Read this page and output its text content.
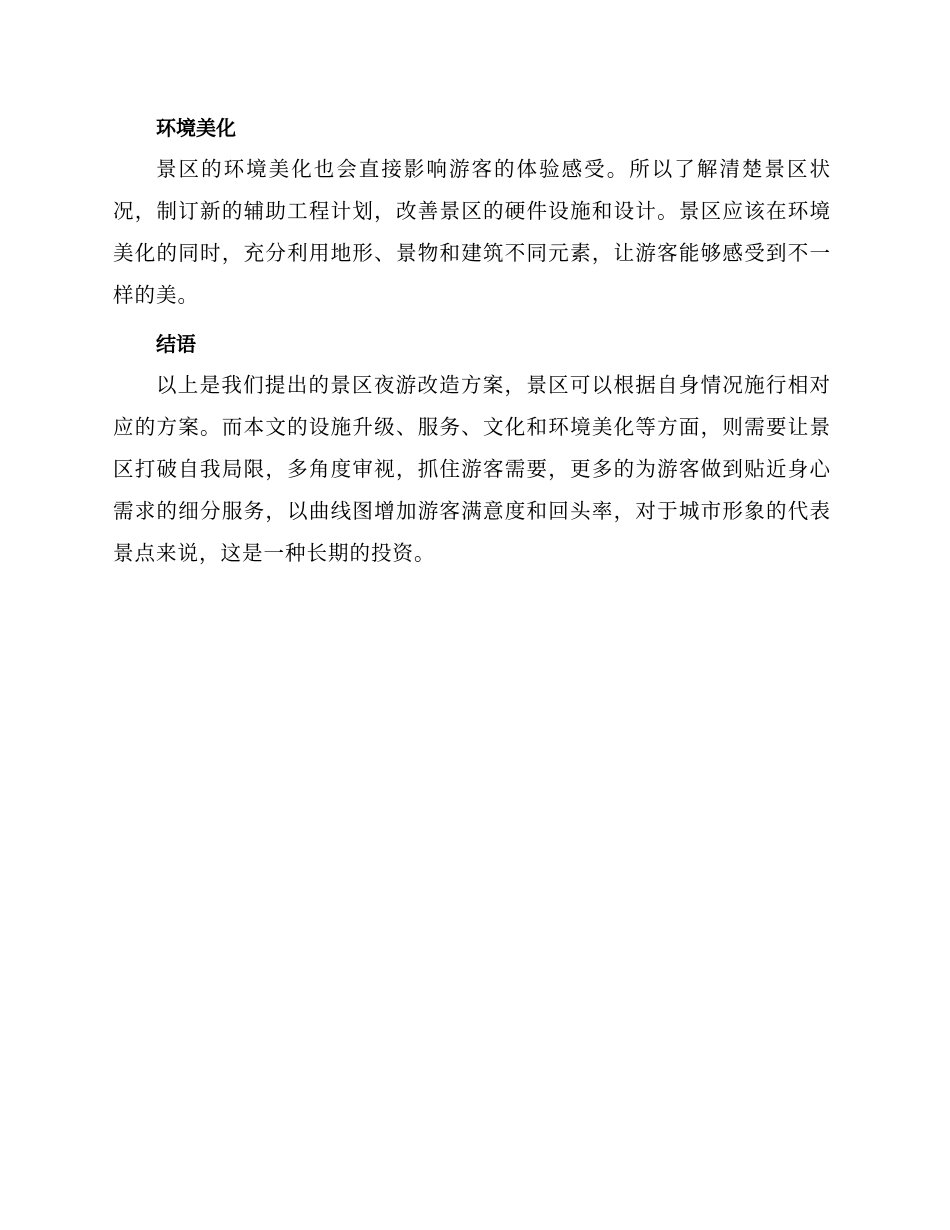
环境美化

景区的环境美化也会直接影响游客的体验感受。所以了解清楚景区状况，制订新的辅助工程计划，改善景区的硬件设施和设计。景区应该在环境美化的同时，充分利用地形、景物和建筑不同元素，让游客能够感受到不一样的美。

结语

以上是我们提出的景区夜游改造方案，景区可以根据自身情况施行相对应的方案。而本文的设施升级、服务、文化和环境美化等方面，则需要让景区打破自我局限，多角度审视，抓住游客需要，更多的为游客做到贴近身心需求的细分服务，以曲线图增加游客满意度和回头率，对于城市形象的代表景点来说，这是一种长期的投资。
